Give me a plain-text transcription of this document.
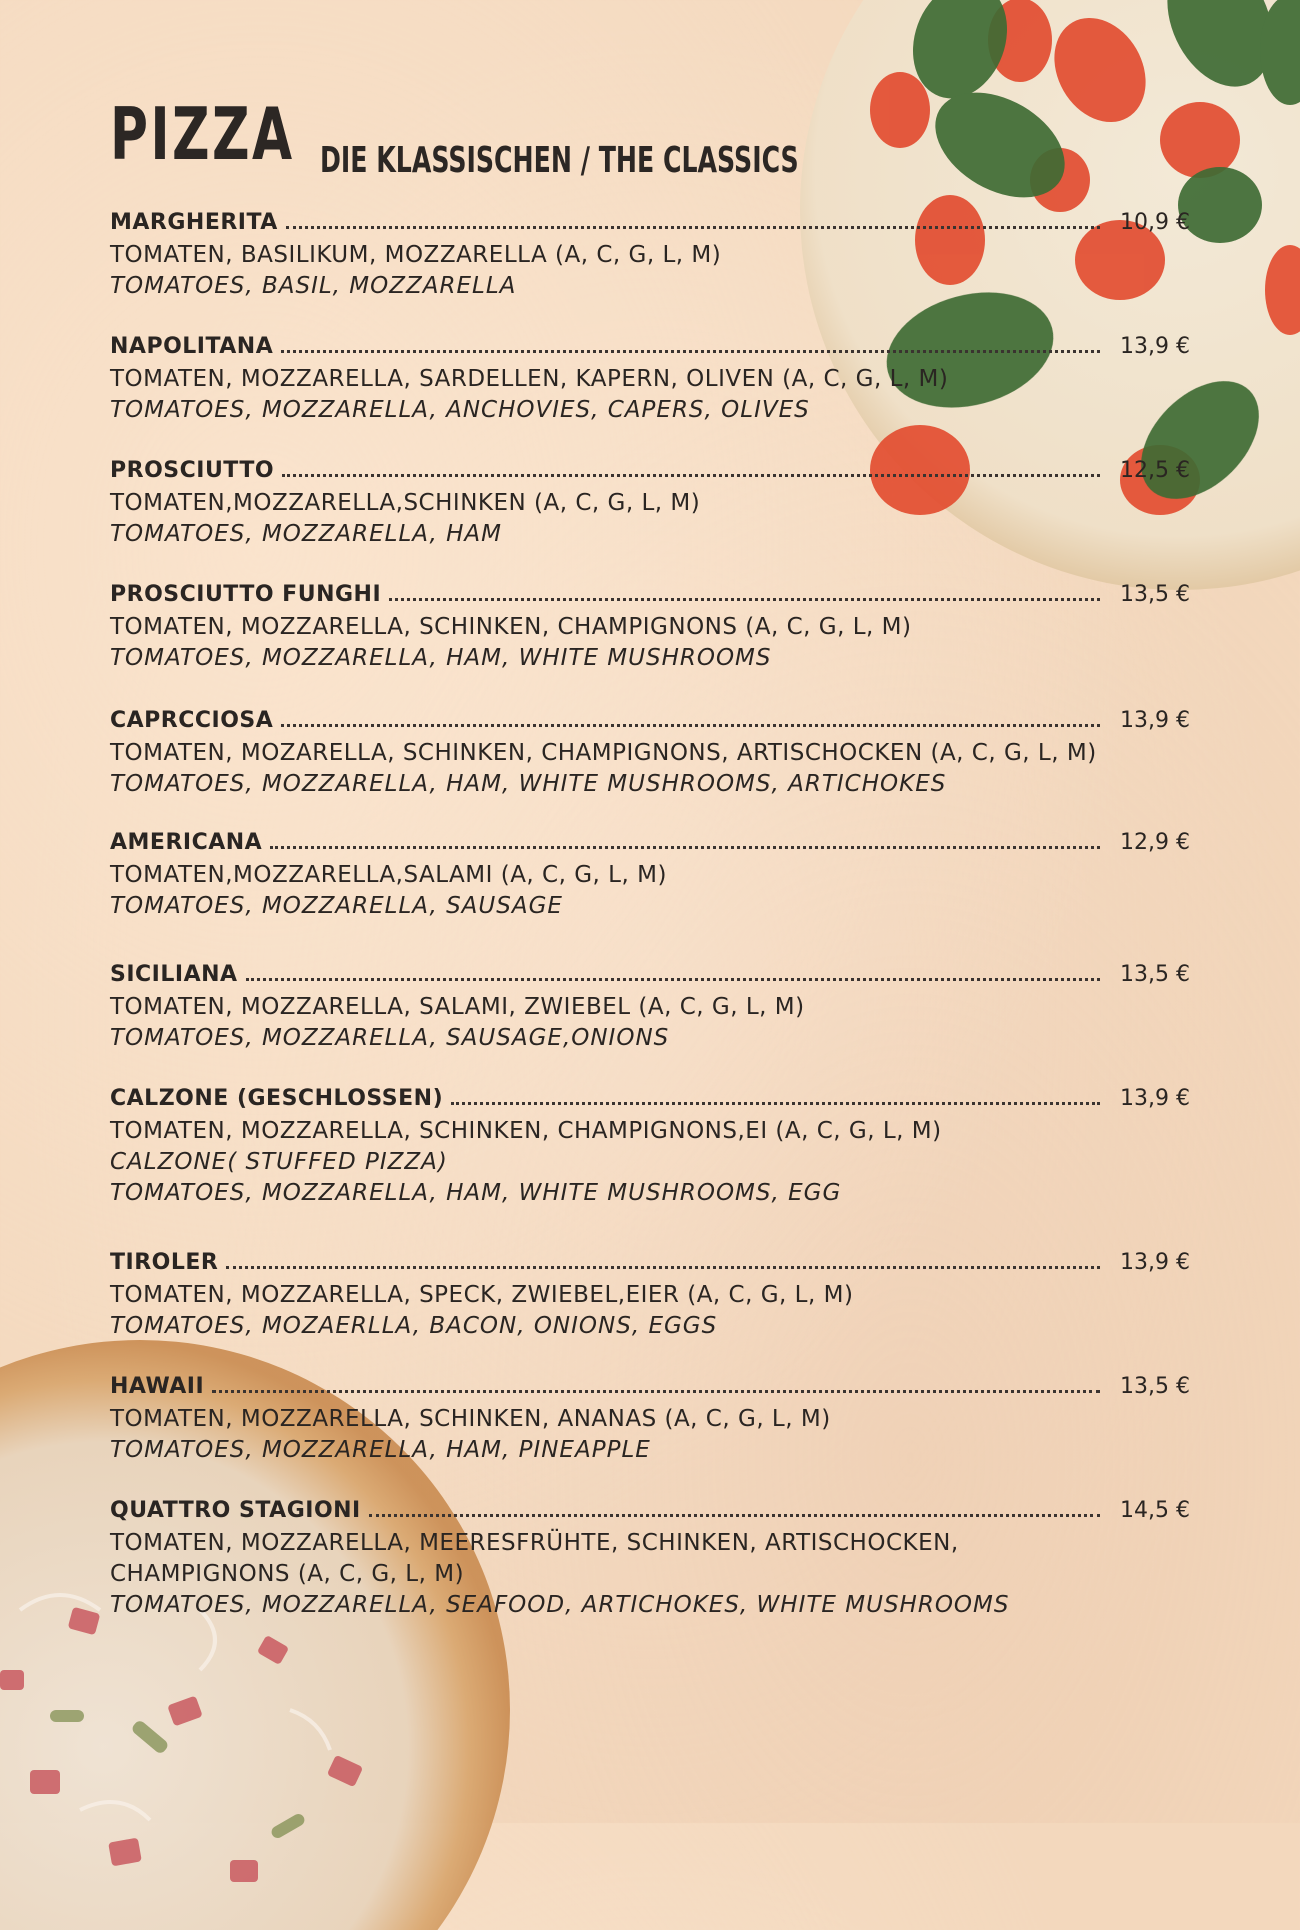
PIZZA DIE KLASSISCHEN / THE CLASSICS
MARGHERITA	10,9 €
TOMATEN, BASILIKUM, MOZZARELLA (A, C, G, L, M)
TOMATOES, BASIL, MOZZARELLA
NAPOLITANA	13,9 €
TOMATEN, MOZZARELLA, SARDELLEN, KAPERN, OLIVEN (A, C, G, L, M)
TOMATOES, MOZZARELLA, ANCHOVIES, CAPERS, OLIVES
PROSCIUTTO	12,5 €
TOMATEN,MOZZARELLA,SCHINKEN (A, C, G, L, M)
TOMATOES, MOZZARELLA, HAM
PROSCIUTTO FUNGHI	13,5 €
TOMATEN, MOZZARELLA, SCHINKEN, CHAMPIGNONS (A, C, G, L, M)
TOMATOES, MOZZARELLA, HAM, WHITE MUSHROOMS
CAPRCCIOSA	13,9 €
TOMATEN, MOZARELLA, SCHINKEN, CHAMPIGNONS, ARTISCHOCKEN (A, C, G, L, M)
TOMATOES, MOZZARELLA, HAM, WHITE MUSHROOMS, ARTICHOKES
AMERICANA	12,9 €
TOMATEN,MOZZARELLA,SALAMI (A, C, G, L, M)
TOMATOES, MOZZARELLA, SAUSAGE
SICILIANA	13,5 €
TOMATEN, MOZZARELLA, SALAMI, ZWIEBEL (A, C, G, L, M)
TOMATOES, MOZZARELLA, SAUSAGE,ONIONS
CALZONE (GESCHLOSSEN)	13,9 €
TOMATEN, MOZZARELLA, SCHINKEN, CHAMPIGNONS,EI (A, C, G, L, M)
CALZONE( STUFFED PIZZA)
TOMATOES, MOZZARELLA, HAM, WHITE MUSHROOMS, EGG
TIROLER	13,9 €
TOMATEN, MOZZARELLA, SPECK, ZWIEBEL,EIER (A, C, G, L, M)
TOMATOES, MOZAERLLA, BACON, ONIONS, EGGS
HAWAII	13,5 €
TOMATEN, MOZZARELLA, SCHINKEN, ANANAS (A, C, G, L, M)
TOMATOES, MOZZARELLA, HAM, PINEAPPLE
QUATTRO STAGIONI	14,5 €
TOMATEN, MOZZARELLA, MEERESFRÜHTE, SCHINKEN, ARTISCHOCKEN,
CHAMPIGNONS (A, C, G, L, M)
TOMATOES, MOZZARELLA, SEAFOOD, ARTICHOKES, WHITE MUSHROOMS
